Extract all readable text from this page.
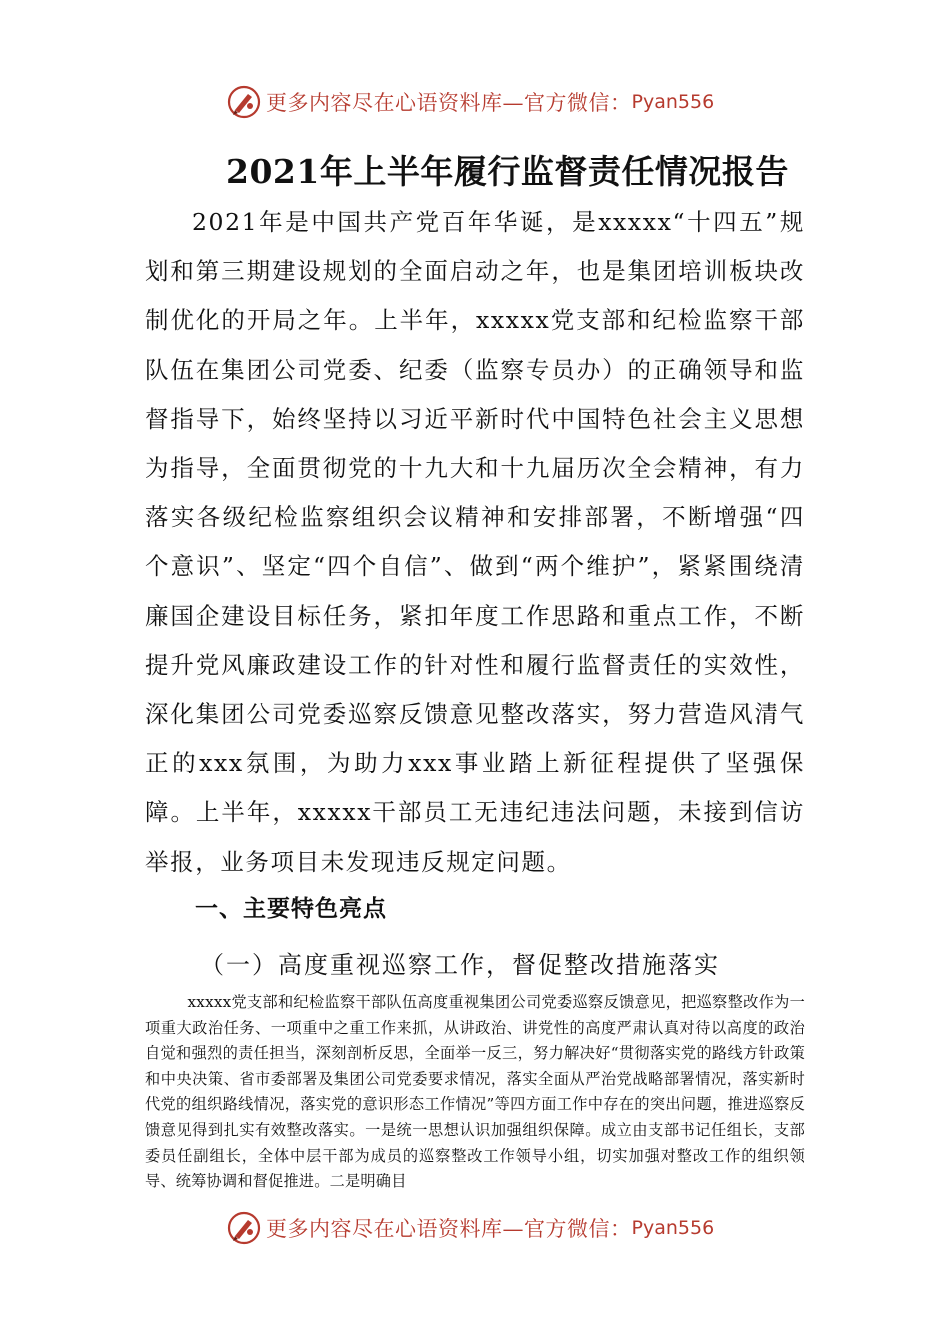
更多内容尽在心语资料库—官方微信： Pyan556
2021年上半年履行监督责任情况报告

2021年是中国共产党百年华诞，是xxxxx“十四五”规划和第三期建设规划的全面启动之年，也是集团培训板块改制优化的开局之年。上半年，xxxxx党支部和纪检监察干部队伍在集团公司党委、纪委（监察专员办）的正确领导和监督指导下，始终坚持以习近平新时代中国特色社会主义思想为指导，全面贯彻党的十九大和十九届历次全会精神，有力落实各级纪检监察组织会议精神和安排部署，不断增强“四个意识”、坚定“四个自信”、做到“两个维护”，紧紧围绕清廉国企建设目标任务，紧扣年度工作思路和重点工作，不断提升党风廉政建设工作的针对性和履行监督责任的实效性，深化集团公司党委巡察反馈意见整改落实，努力营造风清气正的xxx氛围，为助力xxx事业踏上新征程提供了坚强保障。上半年，xxxxx干部员工无违纪违法问题，未接到信访举报，业务项目未发现违反规定问题。

一、主要特色亮点
（一）高度重视巡察工作，督促整改措施落实

xxxxx党支部和纪检监察干部队伍高度重视集团公司党委巡察反馈意见，把巡察整改作为一项重大政治任务、一项重中之重工作来抓，从讲政治、讲党性的高度严肃认真对待以高度的政治自觉和强烈的责任担当，深刻剖析反思，全面举一反三，努力解决好“贯彻落实党的路线方针政策和中央决策、省市委部署及集团公司党委要求情况，落实全面从严治党战略部署情况，落实新时代党的组织路线情况，落实党的意识形态工作情况”等四方面工作中存在的突出问题，推进巡察反馈意见得到扎实有效整改落实。一是统一思想认识加强组织保障。成立由支部书记任组长，支部委员任副组长，全体中层干部为成员的巡察整改工作领导小组，切实加强对整改工作的组织领导、统筹协调和督促推进。二是明确目

更多内容尽在心语资料库—官方微信： Pyan556
